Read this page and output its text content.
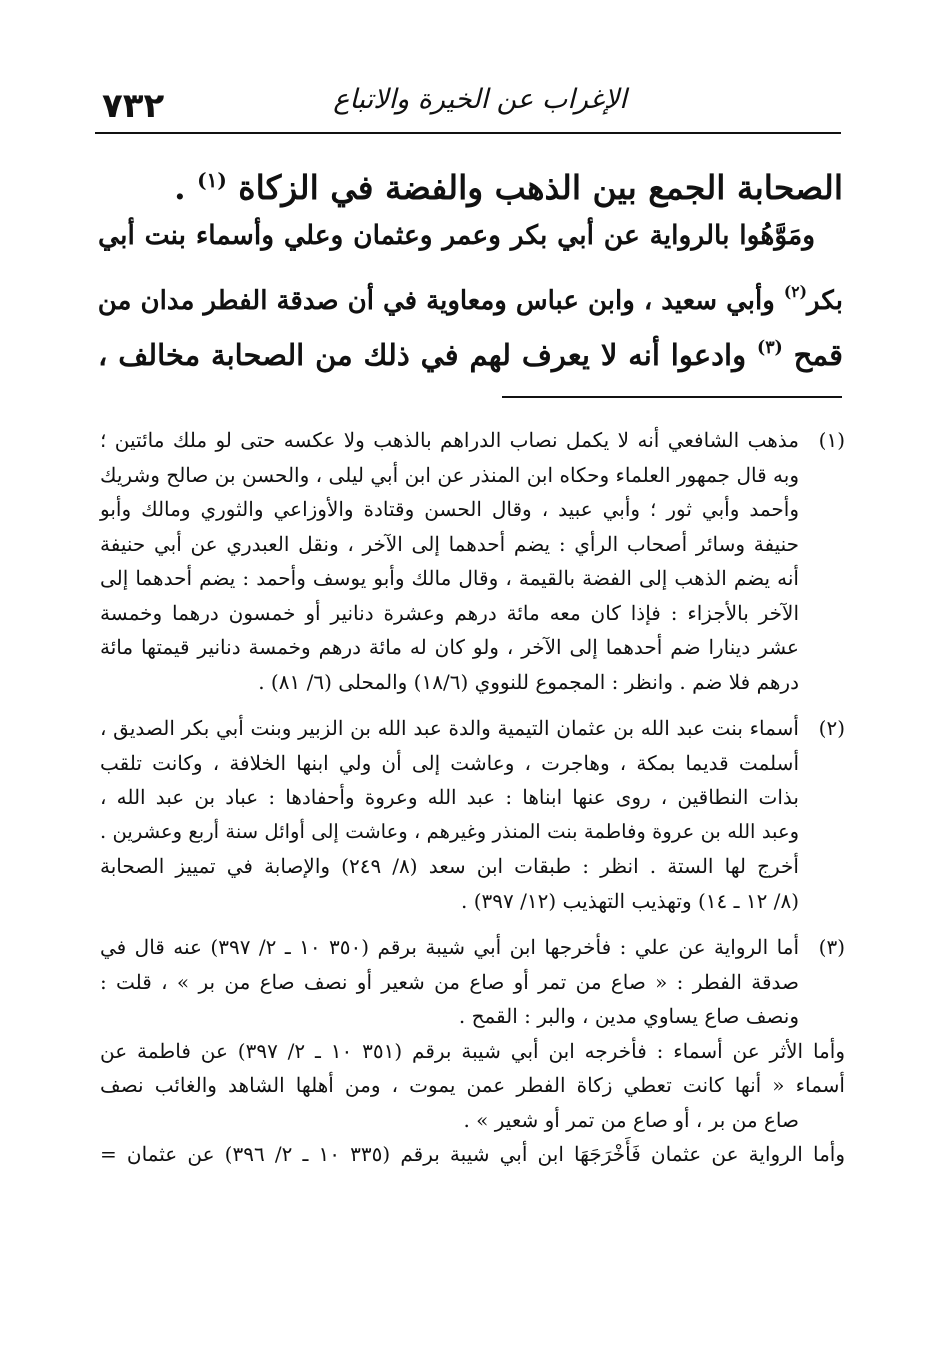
٧٣٢	الإغراب عن الخيرة والاتباع
الصحابة الجمع بين الذهب والفضة في الزكاة $^{(١)}$ .
ومَوَّهُوا بالرواية عن أبي بكر وعمر وعثمان وعلي وأسماء بنت أبي
بكر$^{(٢)}$ وأبي سعيد ، وابن عباس ومعاوية في أن صدقة الفطر مدان من
قمح $^{(٣)}$ وادعوا أنه لا يعرف لهم في ذلك من الصحابة مخالف ،
(١)
مذهب الشافعي أنه لا يكمل نصاب الدراهم بالذهب ولا عكسه حتى لو ملك مائتين ؛
وبه قال جمهور العلماء وحكاه ابن المنذر عن ابن أبي ليلى ، والحسن بن صالح وشريك
وأحمد وأبي ثور ؛ وأبي عبيد ، وقال الحسن وقتادة والأوزاعي والثوري ومالك وأبو
حنيفة وسائر أصحاب الرأي : يضم أحدهما إلى الآخر ، ونقل العبدري عن أبي حنيفة
أنه يضم الذهب إلى الفضة بالقيمة ، وقال مالك وأبو يوسف وأحمد : يضم أحدهما إلى
الآخر بالأجزاء : فإذا كان معه مائة درهم وعشرة دنانير أو خمسون درهما وخمسة
عشر دينارا ضم أحدهما إلى الآخر ، ولو كان له مائة درهم وخمسة دنانير قيمتها مائة
درهم فلا ضم . وانظر : المجموع للنووي (١٨/٦) والمحلى (٦/ ٨١) .
(٢)
أسماء بنت عبد الله بن عثمان التيمية والدة عبد الله بن الزبير وبنت أبي بكر الصديق ،
أسلمت قديما بمكة ، وهاجرت ، وعاشت إلى أن ولي ابنها الخلافة ، وكانت تلقب
بذات النطاقين ، روى عنها ابناها : عبد الله وعروة وأحفادها : عباد بن عبد الله ،
وعبد الله بن عروة وفاطمة بنت المنذر وغيرهم ، وعاشت إلى أوائل سنة أربع وعشرين .
أخرج لها الستة . انظر : طبقات ابن سعد (٨/ ٢٤٩) والإصابة في تمييز الصحابة
(٨/ ١٢ ـ ١٤) وتهذيب التهذيب (١٢/ ٣٩٧) .
(٣)
أما الرواية عن علي : فأخرجها ابن أبي شيبة برقم (٣٥٠ ١٠ ـ ٢/ ٣٩٧) عنه قال في
صدقة الفطر : « صاع من تمر أو صاع من شعير أو نصف صاع من بر » ، قلت :
ونصف صاع يساوي مدين ، والبر : القمح .
وأما الأثر عن أسماء : فأخرجه ابن أبي شيبة برقم (٣٥١ ١٠ ـ ٢/ ٣٩٧) عن فاطمة عن
أسماء « أنها كانت تعطي زكاة الفطر عمن يموت ، ومن أهلها الشاهد والغائب نصف
صاع من بر ، أو صاع من تمر أو شعير » .
وأما الرواية عن عثمان فَأَخْرَجَهَا ابن أبي شيبة برقم (٣٣٥ ١٠ ـ ٢/ ٣٩٦) عن عثمان =
